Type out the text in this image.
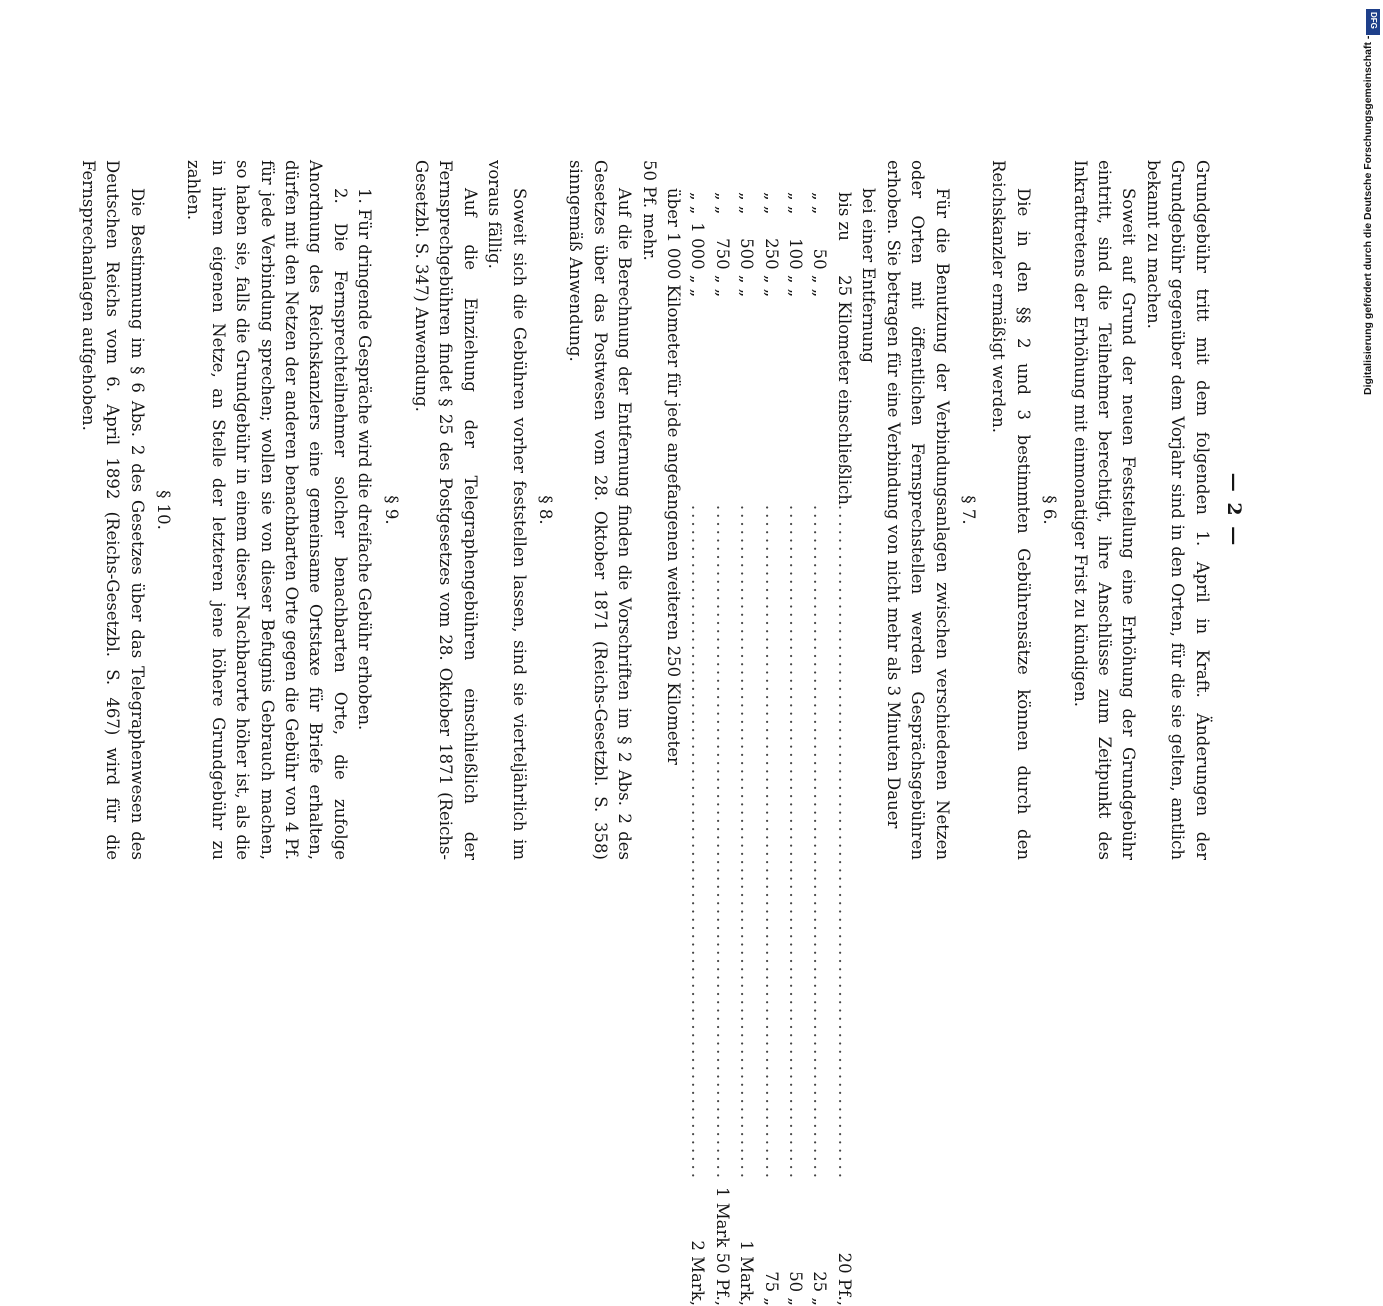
— 2 —

Grundgebühr tritt mit dem folgenden 1. April in Kraft. Änderungen der Grundgebühr gegenüber dem Vorjahr sind in den Orten, für die sie gelten, amtlich bekannt zu machen.

Soweit auf Grund der neuen Feststellung eine Erhöhung der Grundgebühr eintritt, sind die Teilnehmer berechtigt, ihre Anschlüsse zum Zeitpunkt des Inkrafttretens der Erhöhung mit einmonatiger Frist zu kündigen.

§ 6.

Die in den §§ 2 und 3 bestimmten Gebührensätze können durch den Reichskanzler ermäßigt werden.

§ 7.

Für die Benutzung der Verbindungsanlagen zwischen verschiedenen Netzen oder Orten mit öffentlichen Fernsprechstellen werden Gesprächsgebühren erhoben. Sie betragen für eine Verbindung von nicht mehr als 3 Minuten Dauer

bei einer Entfernung

bis zu 25 Kilometer einschließlich	..................................................................................	20 Pf.,
„ „ 50 „ „	..................................................................................	25 „
„ „ 100 „ „	..................................................................................	50 „
„ „ 250 „ „	..................................................................................	75 „
„ „ 500 „ „	..................................................................................	1 Mark,
„ „ 750 „ „	..................................................................................	1 Mark 50 Pf.,
„ „ 1 000 „ „	..................................................................................	2 Mark,

über 1 000 Kilometer für jede angefangenen weiteren 250 Kilometer

50 Pf. mehr.

Auf die Berechnung der Entfernung finden die Vorschriften im § 2 Abs. 2 des Gesetzes über das Postwesen vom 28. Oktober 1871 (Reichs-Gesetzbl. S. 358) sinngemäß Anwendung.

§ 8.

Soweit sich die Gebühren vorher feststellen lassen, sind sie vierteljährlich im voraus fällig.

Auf die Einziehung der Telegraphengebühren einschließlich der Fernsprechgebühren findet § 25 des Postgesetzes vom 28. Oktober 1871 (Reichs-Gesetzbl. S. 347) Anwendung.

§ 9.

1. Für dringende Gespräche wird die dreifache Gebühr erhoben.

2. Die Fernsprechteilnehmer solcher benachbarten Orte, die zufolge Anordnung des Reichskanzlers eine gemeinsame Ortstaxe für Briefe erhalten, dürfen mit den Netzen der anderen benachbarten Orte gegen die Gebühr von 4 Pf. für jede Verbindung sprechen; wollen sie von dieser Befugnis Gebrauch machen, so haben sie, falls die Grundgebühr in einem dieser Nachbarorte höher ist, als die in ihrem eigenen Netze, an Stelle der letzteren jene höhere Grundgebühr zu zahlen.

§ 10.

Die Bestimmung im § 6 Abs. 2 des Gesetzes über das Telegraphenwesen des Deutschen Reichs vom 6. April 1892 (Reichs-Gesetzbl. S. 467) wird für die Fernsprechanlagen aufgehoben.	Digitalisierung gefördert durch die Deutsche Forschungsgemeinschaft -
DFG
